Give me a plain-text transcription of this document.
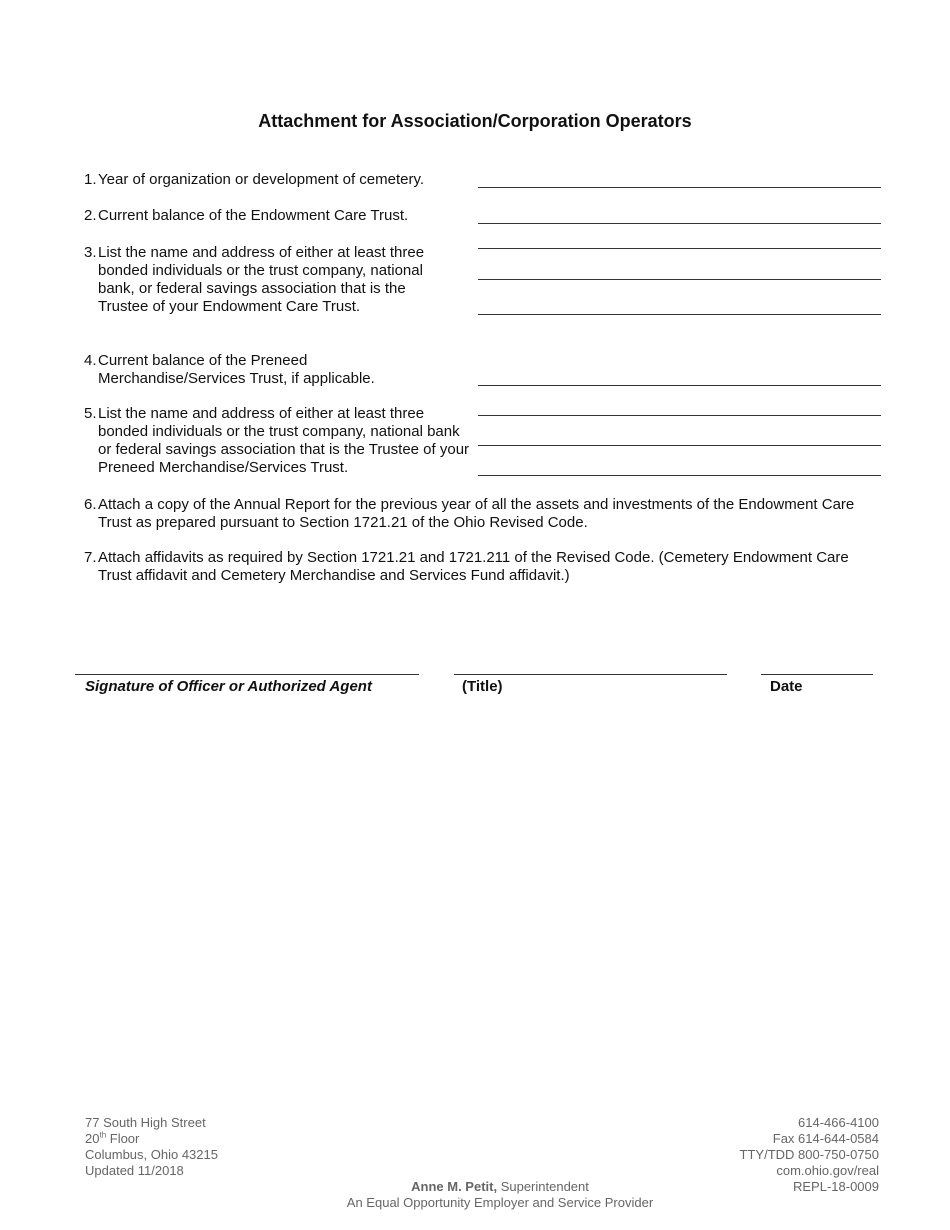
Attachment for Association/Corporation Operators
1. Year of organization or development of cemetery.
2. Current balance of the Endowment Care Trust.
3. List the name and address of either at least three bonded individuals or the trust company, national bank, or federal savings association that is the Trustee of your Endowment Care Trust.
4. Current balance of the Preneed Merchandise/Services Trust, if applicable.
5. List the name and address of either at least three bonded individuals or the trust company, national bank or federal savings association that is the Trustee of your Preneed Merchandise/Services Trust.
6. Attach a copy of the Annual Report for the previous year of all the assets and investments of the Endowment Care Trust as prepared pursuant to Section 1721.21 of the Ohio Revised Code.
7. Attach affidavits as required by Section 1721.21 and 1721.211 of the Revised Code. (Cemetery Endowment Care Trust affidavit and Cemetery Merchandise and Services Fund affidavit.)
Signature of Officer or Authorized Agent	(Title)	Date
77 South High Street
20th Floor
Columbus, Ohio 43215
Updated 11/2018
Anne M. Petit, Superintendent
An Equal Opportunity Employer and Service Provider
614-466-4100
Fax 614-644-0584
TTY/TDD 800-750-0750
com.ohio.gov/real
REPL-18-0009
